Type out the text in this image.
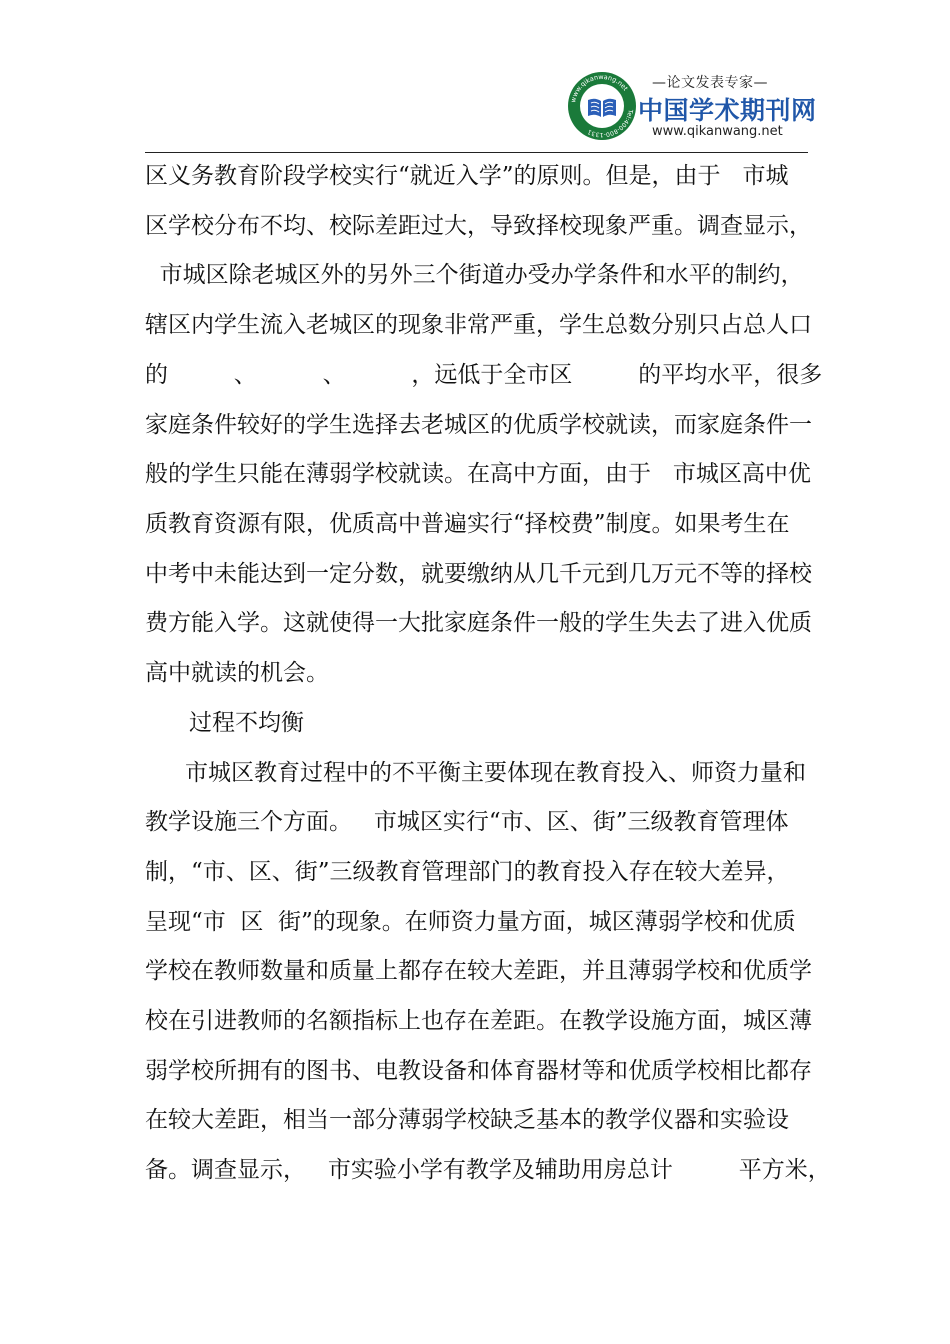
www.qikanwang.net
Tel:400-800-1331
—论文发表专家—
中国学术期刊网
www.qikanwang.net
区义务教育阶段学校实行“就近入学”的原则。但是，由于   市城
区学校分布不均、校际差距过大，导致择校现象严重。调查显示，
市城区除老城区外的另外三个街道办受办学条件和水平的制约，
辖区内学生流入老城区的现象非常严重，学生总数分别只占总人口
的         、         、         ，远低于全市区         的平均水平，很多
家庭条件较好的学生选择去老城区的优质学校就读，而家庭条件一
般的学生只能在薄弱学校就读。在高中方面，由于   市城区高中优
质教育资源有限，优质高中普遍实行“择校费”制度。如果考生在
中考中未能达到一定分数，就要缴纳从几千元到几万元不等的择校
费方能入学。这就使得一大批家庭条件一般的学生失去了进入优质
高中就读的机会。
过程不均衡
市城区教育过程中的不平衡主要体现在教育投入、师资力量和
教学设施三个方面。   市城区实行“市、区、街”三级教育管理体
制，“市、区、街”三级教育管理部门的教育投入存在较大差异，
呈现“市  区  街”的现象。在师资力量方面，城区薄弱学校和优质
学校在教师数量和质量上都存在较大差距，并且薄弱学校和优质学
校在引进教师的名额指标上也存在差距。在教学设施方面，城区薄
弱学校所拥有的图书、电教设备和体育器材等和优质学校相比都存
在较大差距，相当一部分薄弱学校缺乏基本的教学仪器和实验设
备。调查显示，   市实验小学有教学及辅助用房总计         平方米，
